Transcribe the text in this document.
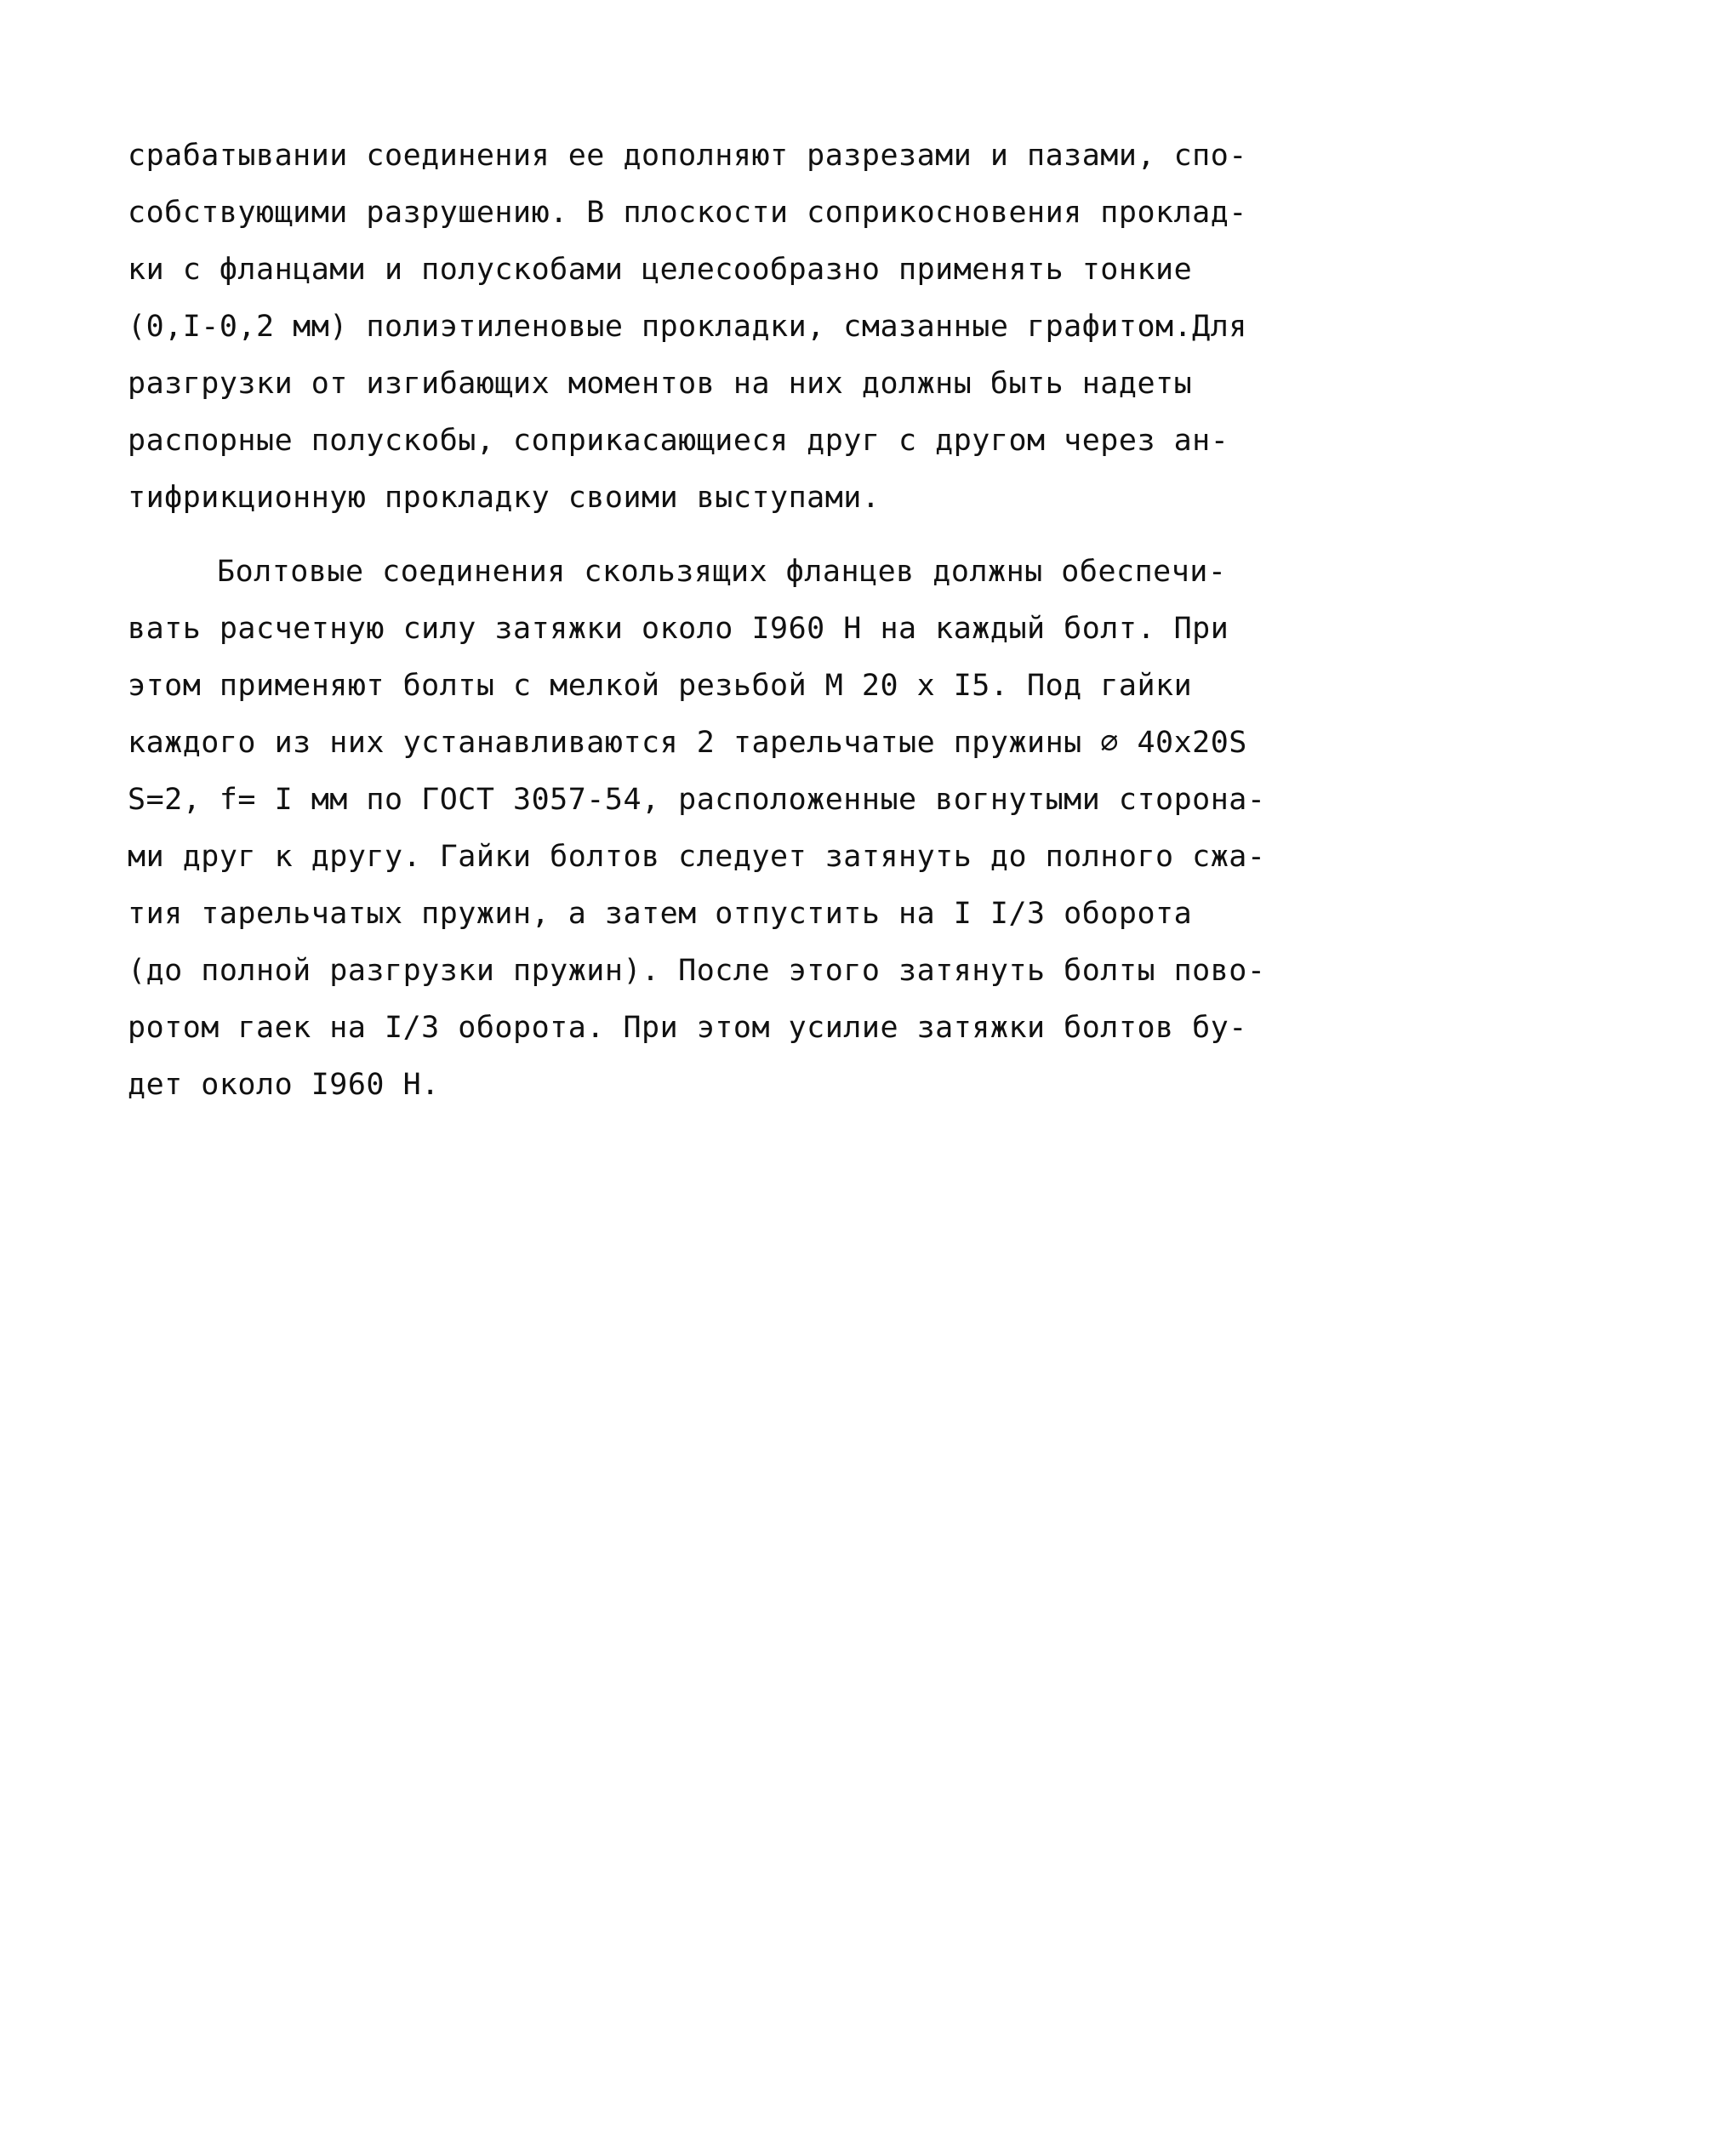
срабатывании соединения ее дополняют разрезами и пазами, спо-
собствующими разрушению. В плоскости соприкосновения проклад-
ки с фланцами и полускобами целесообразно применять тонкие
(0,I-0,2 мм) полиэтиленовые прокладки, смазанные графитом.Для
разгрузки от изгибающих моментов на них должны быть надеты
распорные полускобы, соприкасающиеся друг с другом через ан-
тифрикционную прокладку своими выступами.
Болтовые соединения скользящих фланцев должны обеспечи-
вать расчетную силу затяжки около I960 Н на каждый болт. При
этом применяют болты с мелкой резьбой М 20 х I5. Под гайки
каждого из них устанавливаются 2 тарельчатые пружины ∅ 40х20S
S=2, f= I мм по ГОСТ 3057-54, расположенные вогнутыми сторона-
ми друг к другу. Гайки болтов следует затянуть до полного сжа-
тия тарельчатых пружин, а затем отпустить на I I/3 оборота
(до полной разгрузки пружин). После этого затянуть болты пово-
ротом гаек на I/3 оборота. При этом усилие затяжки болтов бу-
дет около I960 Н.
